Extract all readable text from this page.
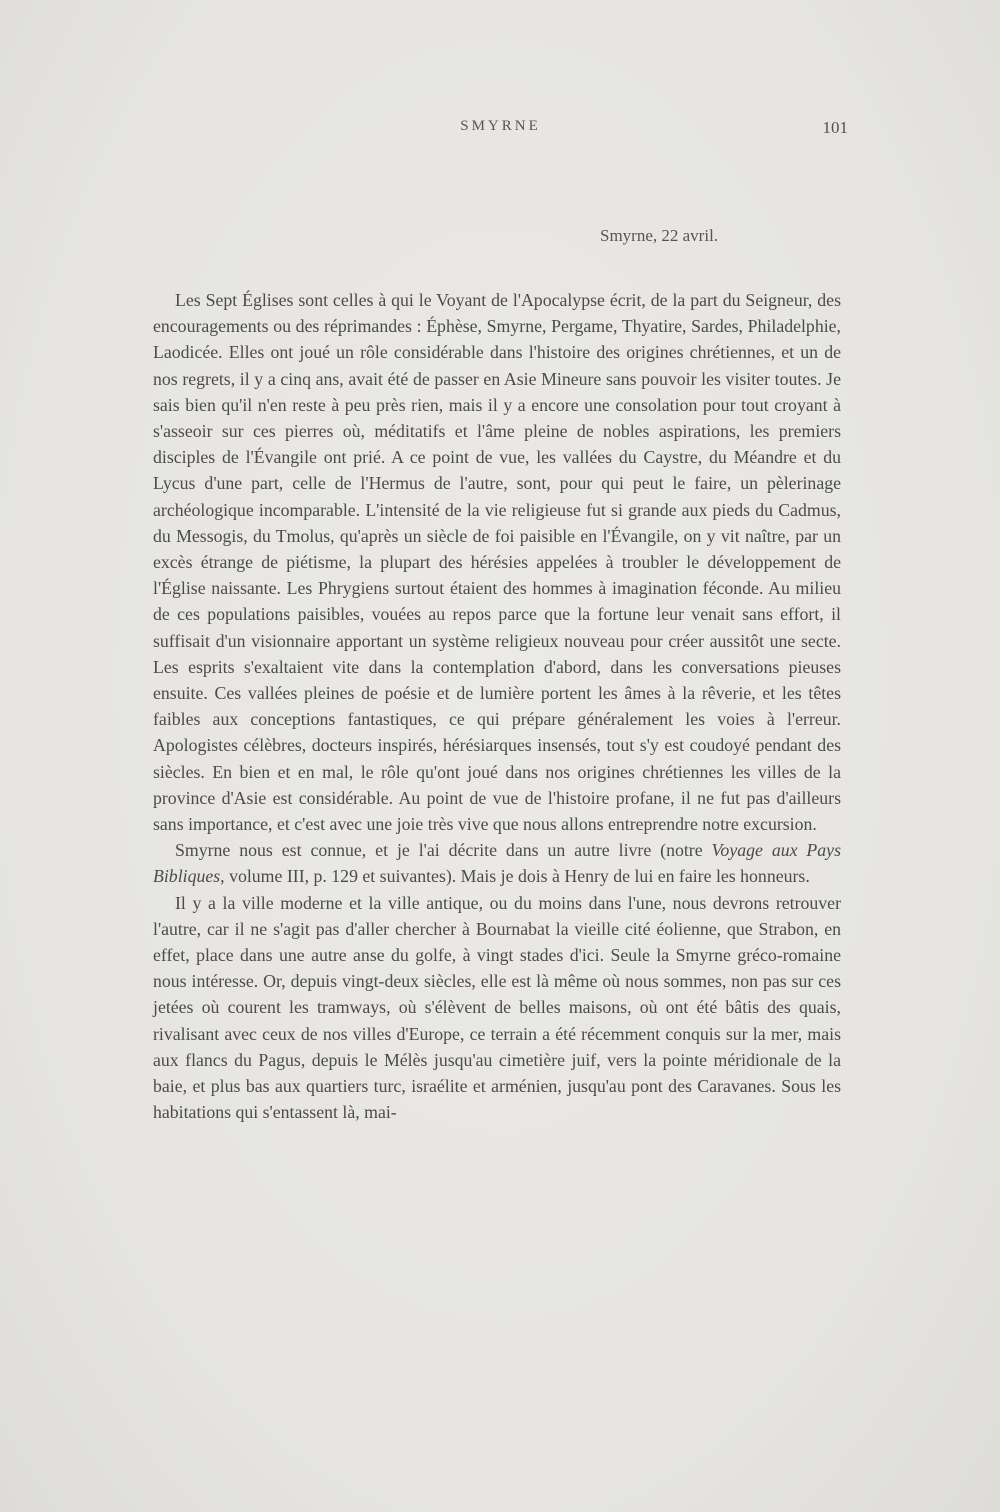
SMYRNE	101
Smyrne, 22 avril.

Les Sept Églises sont celles à qui le Voyant de l'Apocalypse écrit, de la part du Seigneur, des encouragements ou des réprimandes : Éphèse, Smyrne, Pergame, Thyatire, Sardes, Philadelphie, Laodicée. Elles ont joué un rôle considérable dans l'histoire des origines chrétiennes, et un de nos regrets, il y a cinq ans, avait été de passer en Asie Mineure sans pouvoir les visiter toutes. Je sais bien qu'il n'en reste à peu près rien, mais il y a encore une consolation pour tout croyant à s'asseoir sur ces pierres où, méditatifs et l'âme pleine de nobles aspirations, les premiers disciples de l'Évangile ont prié. A ce point de vue, les vallées du Caystre, du Méandre et du Lycus d'une part, celle de l'Hermus de l'autre, sont, pour qui peut le faire, un pèlerinage archéologique incomparable. L'intensité de la vie religieuse fut si grande aux pieds du Cadmus, du Messogis, du Tmolus, qu'après un siècle de foi paisible en l'Évangile, on y vit naître, par un excès étrange de piétisme, la plupart des hérésies appelées à troubler le développement de l'Église naissante. Les Phrygiens surtout étaient des hommes à imagination féconde. Au milieu de ces populations paisibles, vouées au repos parce que la fortune leur venait sans effort, il suffisait d'un visionnaire apportant un système religieux nouveau pour créer aussitôt une secte. Les esprits s'exaltaient vite dans la contemplation d'abord, dans les conversations pieuses ensuite. Ces vallées pleines de poésie et de lumière portent les âmes à la rêverie, et les têtes faibles aux conceptions fantastiques, ce qui prépare généralement les voies à l'erreur. Apologistes célèbres, docteurs inspirés, hérésiarques insensés, tout s'y est coudoyé pendant des siècles. En bien et en mal, le rôle qu'ont joué dans nos origines chrétiennes les villes de la province d'Asie est considérable. Au point de vue de l'histoire profane, il ne fut pas d'ailleurs sans importance, et c'est avec une joie très vive que nous allons entreprendre notre excursion.

Smyrne nous est connue, et je l'ai décrite dans un autre livre (notre Voyage aux Pays Bibliques, volume III, p. 129 et suivantes). Mais je dois à Henry de lui en faire les honneurs.

Il y a la ville moderne et la ville antique, ou du moins dans l'une, nous devrons retrouver l'autre, car il ne s'agit pas d'aller chercher à Bournabat la vieille cité éolienne, que Strabon, en effet, place dans une autre anse du golfe, à vingt stades d'ici. Seule la Smyrne gréco-romaine nous intéresse. Or, depuis vingt-deux siècles, elle est là même où nous sommes, non pas sur ces jetées où courent les tramways, où s'élèvent de belles maisons, où ont été bâtis des quais, rivalisant avec ceux de nos villes d'Europe, ce terrain a été récemment conquis sur la mer, mais aux flancs du Pagus, depuis le Mélès jusqu'au cimetière juif, vers la pointe méridionale de la baie, et plus bas aux quartiers turc, israélite et arménien, jusqu'au pont des Caravanes. Sous les habitations qui s'entassent là, mai-
